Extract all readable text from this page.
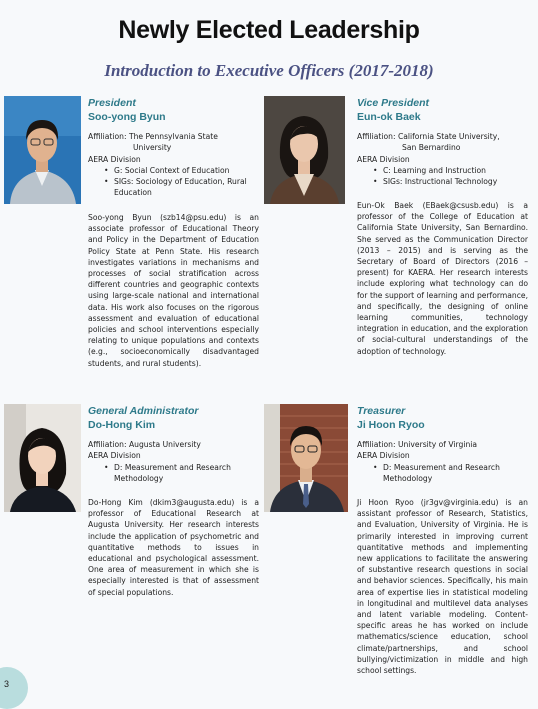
Newly Elected Leadership
Introduction to Executive Officers (2017-2018)
President
Soo-yong Byun
Affiliation: The Pennsylvania State
University
AERA Division
• G: Social Context of Education
• SIGs: Sociology of Education, Rural Education

Soo-yong Byun (szb14@psu.edu) is an associate professor of Educational Theory and Policy in the Department of Education Policy State at Penn State. His research investigates variations in mechanisms and processes of social stratification across different countries and geographic contexts using large-scale national and international data. His work also focuses on the rigorous assessment and evaluation of educational policies and school interventions especially relating to unique populations and contexts (e.g., socioeconomically disadvantaged students, and rural students).

Vice President
Eun-ok Baek
Affiliation: California State University,
San Bernardino
AERA Division
• C: Learning and Instruction
• SIGs: Instructional Technology

Eun-Ok Baek (EBaek@csusb.edu) is a professor of the College of Education at California State University, San Bernardino. She served as the Communication Director (2013 – 2015) and is serving as the Secretary of Board of Directors (2016 – present) for KAERA. Her research interests include exploring what technology can do for the support of learning and performance, and specifically, the designing of online learning communities, technology integration in education, and the exploration of social-cultural understandings of the adoption of technology.

General Administrator
Do-Hong Kim
Affiliation: Augusta University
AERA Division
• D: Measurement and Research Methodology

Do-Hong Kim (dkim3@augusta.edu) is a professor of Educational Research at Augusta University. Her research interests include the application of psychometric and quantitative methods to issues in educational and psychological assessment. One area of measurement in which she is especially interested is that of assessment of special populations.

Treasurer
Ji Hoon Ryoo
Affiliation: University of Virginia
AERA Division
• D: Measurement and Research Methodology

Ji Hoon Ryoo (jr3gv@virginia.edu) is an assistant professor of Research, Statistics, and Evaluation, University of Virginia. He is primarily interested in improving current quantitative methods and implementing new applications to facilitate the answering of substantive research questions in social and behavior sciences. Specifically, his main area of expertise lies in statistical modeling in longitudinal and multilevel data analyses and latent variable modeling. Content-specific areas he has worked on include mathematics/science education, school climate/partnerships, and school bullying/victimization in middle and high school settings.

3
